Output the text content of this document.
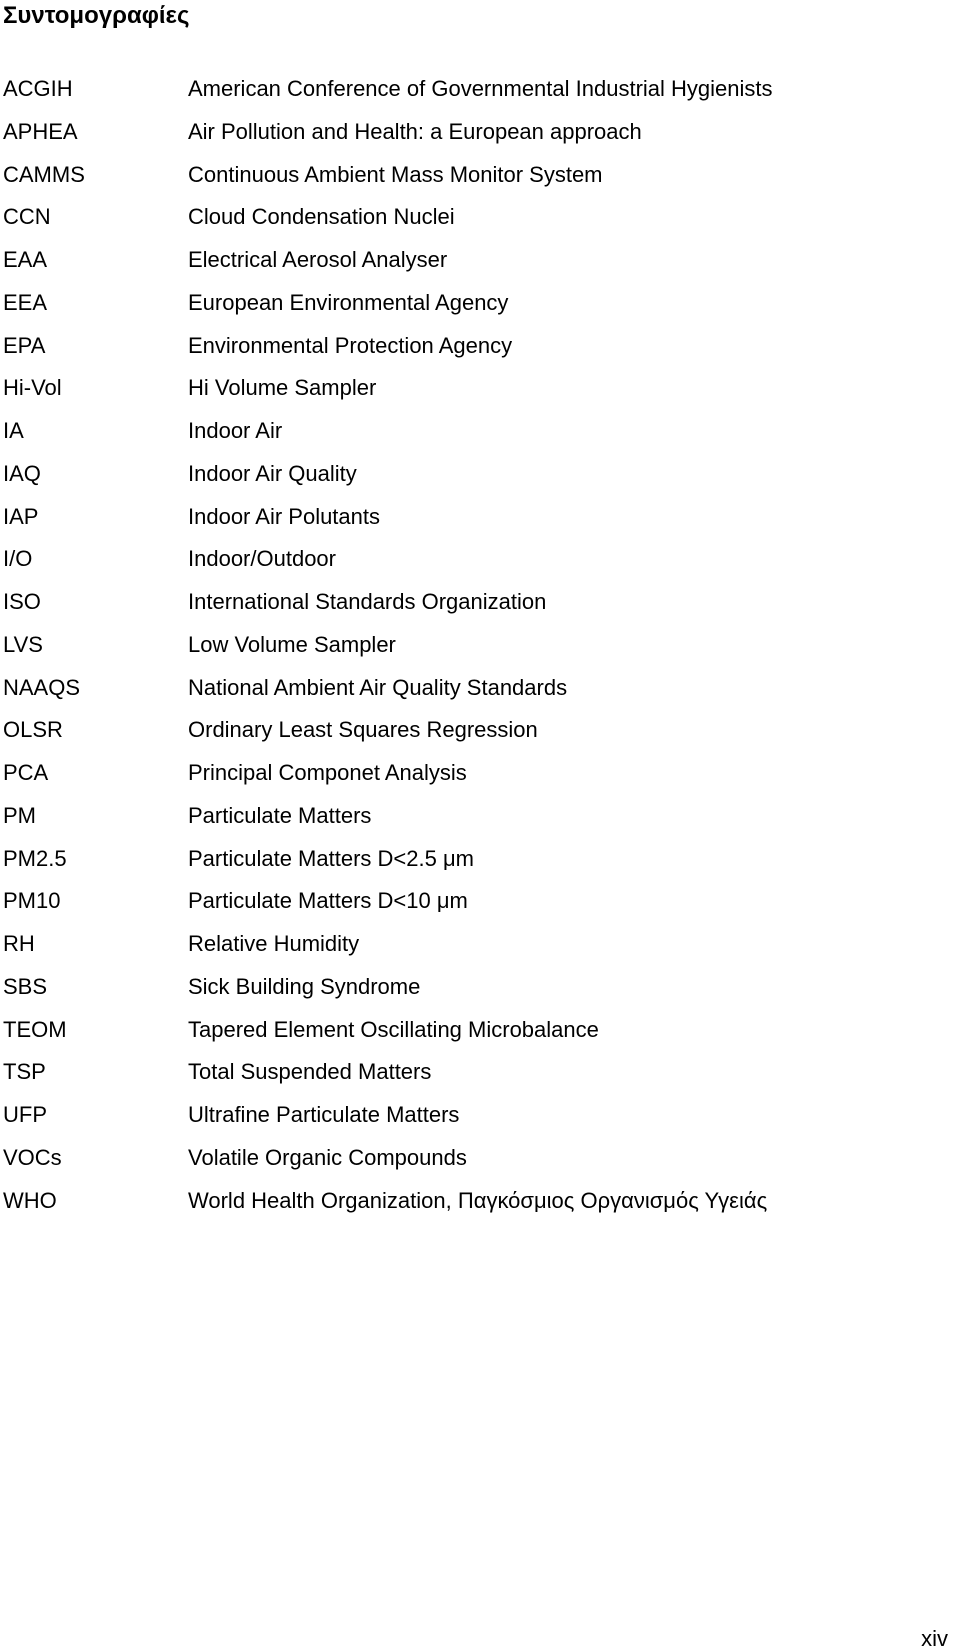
Συντομογραφίες
ACGIH	American Conference of Governmental Industrial Hygienists
APHEA	Air Pollution and Health: a European approach
CAMMS	Continuous Ambient Mass Monitor System
CCN	Cloud Condensation Nuclei
EAA	Electrical Aerosol Analyser
EEA	European Environmental Agency
EPA	Environmental Protection Agency
Hi-Vol	Hi Volume Sampler
IA	Indoor Air
IAQ	Indoor Air Quality
IAP	Indoor Air Polutants
I/O	Indoor/Outdoor
ISO	International Standards Organization
LVS	Low Volume Sampler
NAAQS	National Ambient Air Quality Standards
OLSR	Ordinary Least Squares Regression
PCA	Principal Componet Analysis
PM	Particulate Matters
PM2.5	Particulate Matters D<2.5 μm
PM10	Particulate Matters D<10 μm
RH	Relative Humidity
SBS	Sick Building Syndrome
TEOM	Tapered Element Oscillating Microbalance
TSP	Total Suspended Matters
UFP	Ultrafine Particulate Matters
VOCs	Volatile Organic Compounds
WHO	World Health Organization, Παγκόσμιος Οργανισμός Υγειάς
xiv
